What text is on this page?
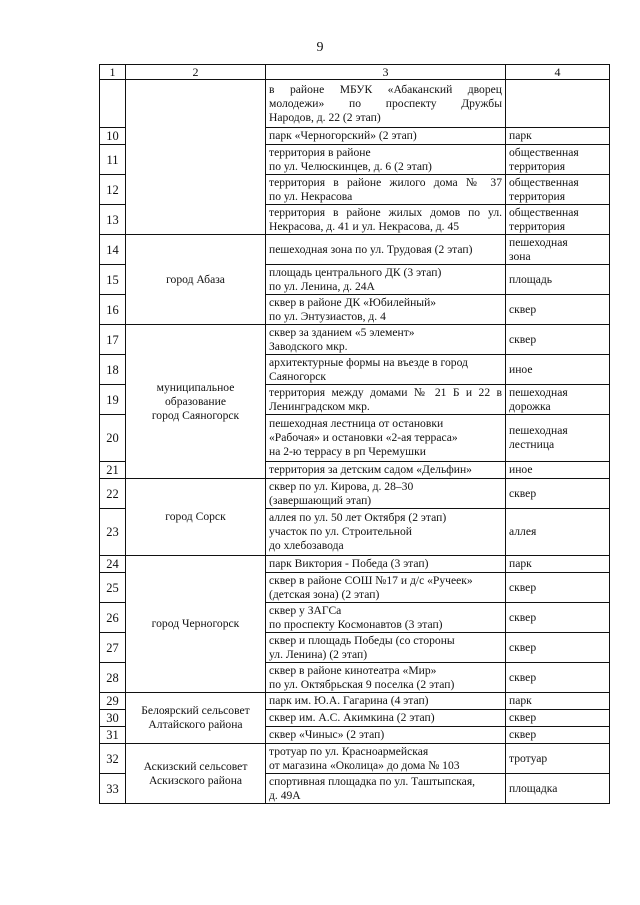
9
1	2	3	4

		в районе МБУК «Абаканский дворец
молодежи» по проспекту Дружбы
Народов, д. 22 (2 этап)	

10		парк «Черногорский» (2 этап)	парк

11		территория в районе
по ул. Челюскинцев, д. 6 (2 этап)	общественная
территория

12		территория в районе жилого дома № 37
по ул. Некрасова	общественная
территория

13		территория в районе жилых домов по ул.
Некрасова, д. 41 и ул. Некрасова, д. 45	общественная
территория

14	город Абаза	пешеходная зона по ул. Трудовая (2 этап)	пешеходная
зона

15		площадь центрального ДК (3 этап)
по ул. Ленина, д. 24А	площадь

16		сквер в районе ДК «Юбилейный»
по ул. Энтузиастов, д. 4	сквер

17	муниципальное
образование
город Саяногорск	сквер за зданием «5 элемент»
Заводского мкр.	сквер

18		архитектурные формы на въезде в город
Саяногорск	иное

19		территория между домами № 21 Б и 22 в
Ленинградском мкр.	пешеходная
дорожка

20		пешеходная лестница от остановки
«Рабочая» и остановки «2-ая терраса»
на 2-ю террасу в рп Черемушки	пешеходная
лестница

21		территория за детским садом «Дельфин»	иное

22	город Сорск	сквер по ул. Кирова, д. 28–30
(завершающий этап)	сквер

23		аллея по ул. 50 лет Октября (2 этап)
участок по ул. Строительной
до хлебозавода	аллея

24	город Черногорск	парк Виктория - Победа (3 этап)	парк

25		сквер в районе СОШ №17 и д/с «Ручеек»
(детская зона) (2 этап)	сквер

26		сквер у ЗАГСа
по проспекту Космонавтов (3 этап)	сквер

27		сквер и площадь Победы (со стороны
ул. Ленина) (2 этап)	сквер

28		сквер в районе кинотеатра «Мир»
по ул. Октябрьская 9 поселка (2 этап)	сквер

29	Белоярский сельсовет
Алтайского района	парк им. Ю.А. Гагарина (4 этап)	парк

30		сквер им. А.С. Акимкина (2 этап)	сквер

31		сквер «Чиныс» (2 этап)	сквер

32	Аскизский сельсовет
Аскизского района	тротуар по ул. Красноармейская
от магазина «Околица» до дома № 103	тротуар

33		спортивная площадка по ул. Таштыпская,
д. 49А	площадка
